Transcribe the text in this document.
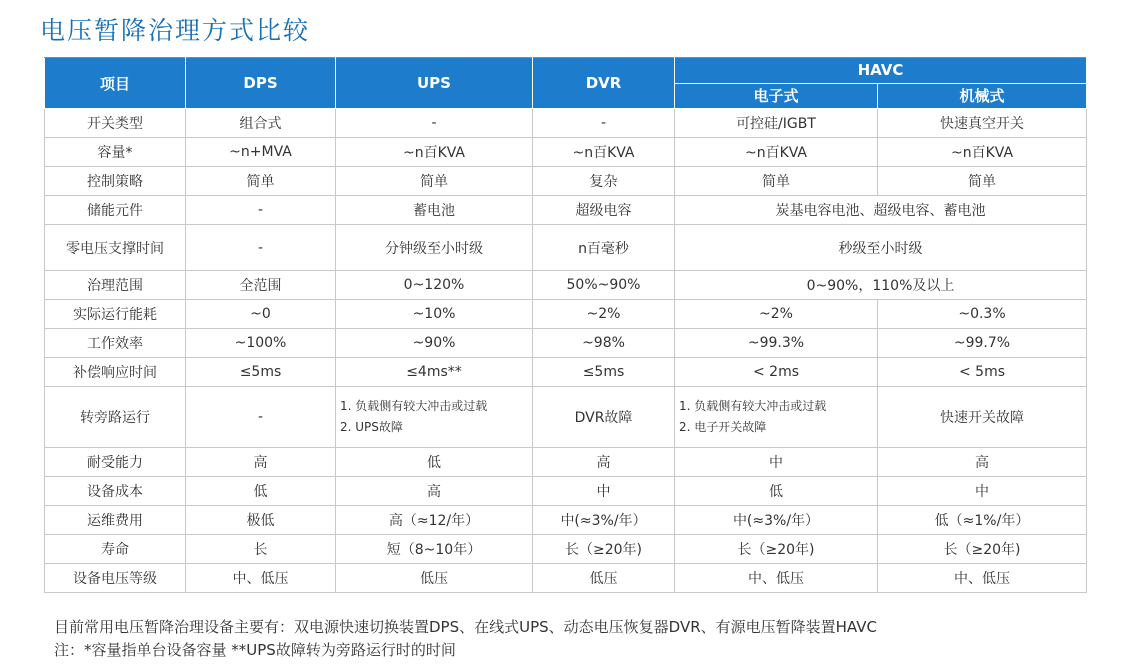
电压暂降治理方式比较
项目	DPS	UPS	DVR	HAVC	
				电子式	机械式
开关类型	组合式	-	-	可控硅/IGBT	快速真空开关
容量*	~n+MVA	~n百KVA	~n百KVA	~n百KVA	~n百KVA
控制策略	简单	简单	复杂	简单	简单
储能元件	-	蓄电池	超级电容	炭基电容电池、超级电容、蓄电池	
零电压支撑时间	-	分钟级至小时级	n百毫秒	秒级至小时级	
治理范围	全范围	0~120%	50%~90%	0~90%，110%及以上	
实际运行能耗	~0	~10%	~2%	~2%	~0.3%
工作效率	~100%	~90%	~98%	~99.3%	~99.7%
补偿响应时间	≤5ms	≤4ms**	≤5ms	< 2ms	< 5ms
转旁路运行	-	1. 负载侧有较大冲击或过载
2. UPS故障	DVR故障	1. 负载侧有较大冲击或过载
2. 电子开关故障	快速开关故障
耐受能力	高	低	高	中	高
设备成本	低	高	中	低	中
运维费用	极低	高（≈12/年）	中(≈3%/年）	中(≈3%/年）	低（≈1%/年）
寿命	长	短（8~10年）	长（≥20年)	长（≥20年)	长（≥20年)
设备电压等级	中、低压	低压	低压	中、低压	中、低压
目前常用电压暂降治理设备主要有：双电源快速切换装置DPS、在线式UPS、动态电压恢复器DVR、有源电压暂降装置HAVC
注：*容量指单台设备容量 **UPS故障转为旁路运行时的时间
